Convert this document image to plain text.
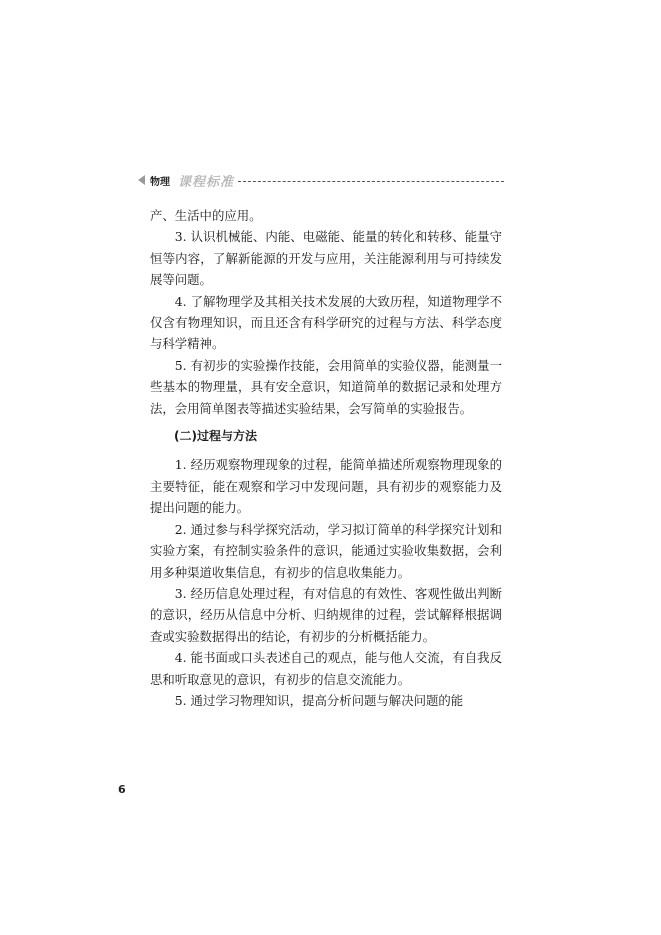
物理 课程标准

产、生活中的应用。

3. 认识机械能、内能、电磁能、能量的转化和转移、能量守恒等内容，了解新能源的开发与应用，关注能源利用与可持续发展等问题。

4. 了解物理学及其相关技术发展的大致历程，知道物理学不仅含有物理知识，而且还含有科学研究的过程与方法、科学态度与科学精神。

5. 有初步的实验操作技能，会用简单的实验仪器，能测量一些基本的物理量，具有安全意识，知道简单的数据记录和处理方法，会用简单图表等描述实验结果，会写简单的实验报告。

(二)过程与方法

1. 经历观察物理现象的过程，能简单描述所观察物理现象的主要特征，能在观察和学习中发现问题，具有初步的观察能力及提出问题的能力。

2. 通过参与科学探究活动，学习拟订简单的科学探究计划和实验方案，有控制实验条件的意识，能通过实验收集数据，会利用多种渠道收集信息，有初步的信息收集能力。

3. 经历信息处理过程，有对信息的有效性、客观性做出判断的意识，经历从信息中分析、归纳规律的过程，尝试解释根据调查或实验数据得出的结论，有初步的分析概括能力。

4. 能书面或口头表述自己的观点，能与他人交流，有自我反思和听取意见的意识，有初步的信息交流能力。

5. 通过学习物理知识，提高分析问题与解决问题的能

6
